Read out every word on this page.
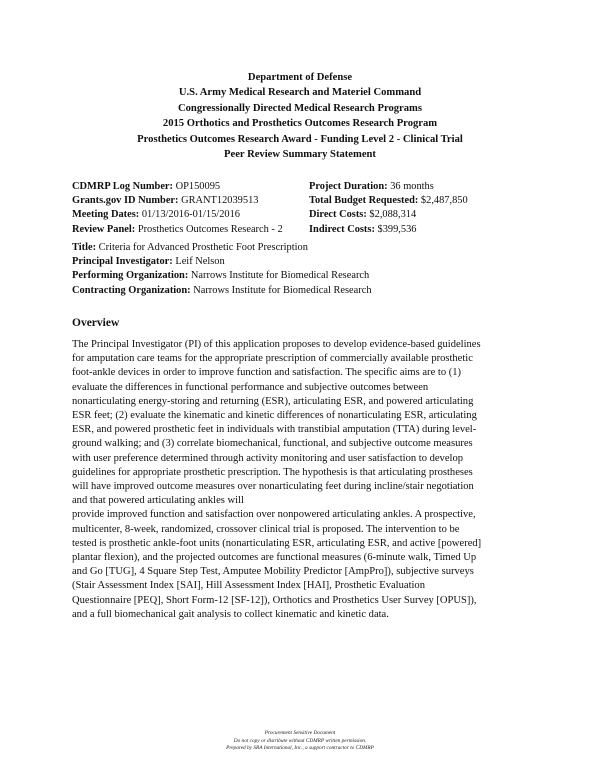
Department of Defense
U.S. Army Medical Research and Materiel Command
Congressionally Directed Medical Research Programs
2015 Orthotics and Prosthetics Outcomes Research Program
Prosthetics Outcomes Research Award - Funding Level 2 - Clinical Trial
Peer Review Summary Statement
CDMRP Log Number: OP150095	Project Duration: 36 months
Grants.gov ID Number: GRANT12039513	Total Budget Requested: $2,487,850
Meeting Dates: 01/13/2016-01/15/2016	Direct Costs: $2,088,314
Review Panel: Prosthetics Outcomes Research - 2	Indirect Costs: $399,536
Title: Criteria for Advanced Prosthetic Foot Prescription
Principal Investigator: Leif Nelson
Performing Organization: Narrows Institute for Biomedical Research
Contracting Organization: Narrows Institute for Biomedical Research
Overview
The Principal Investigator (PI) of this application proposes to develop evidence-based guidelines
for amputation care teams for the appropriate prescription of commercially available prosthetic
foot-ankle devices in order to improve function and satisfaction. The specific aims are to (1)
evaluate the differences in functional performance and subjective outcomes between
nonarticulating energy-storing and returning (ESR), articulating ESR, and powered articulating
ESR feet; (2) evaluate the kinematic and kinetic differences of nonarticulating ESR, articulating
ESR, and powered prosthetic feet in individuals with transtibial amputation (TTA) during level-
ground walking; and (3) correlate biomechanical, functional, and subjective outcome measures
with user preference determined through activity monitoring and user satisfaction to develop
guidelines for appropriate prosthetic prescription. The hypothesis is that articulating prostheses
will have improved outcome measures over nonarticulating feet during incline/stair negotiation
and that powered articulating ankles will
provide improved function and satisfaction over nonpowered articulating ankles. A prospective,
multicenter, 8-week, randomized, crossover clinical trial is proposed. The intervention to be
tested is prosthetic ankle-foot units (nonarticulating ESR, articulating ESR, and active [powered]
plantar flexion), and the projected outcomes are functional measures (6-minute walk, Timed Up
and Go [TUG], 4 Square Step Test, Amputee Mobility Predictor [AmpPro]), subjective surveys
(Stair Assessment Index [SAI], Hill Assessment Index [HAI], Prosthetic Evaluation
Questionnaire [PEQ], Short Form-12 [SF-12]), Orthotics and Prosthetics User Survey [OPUS]),
and a full biomechanical gait analysis to collect kinematic and kinetic data.
Procurement Sensitive Document
Do not copy or distribute without CDMRP written permission.
Prepared by SRA International, Inc., a support contractor to CDMRP
